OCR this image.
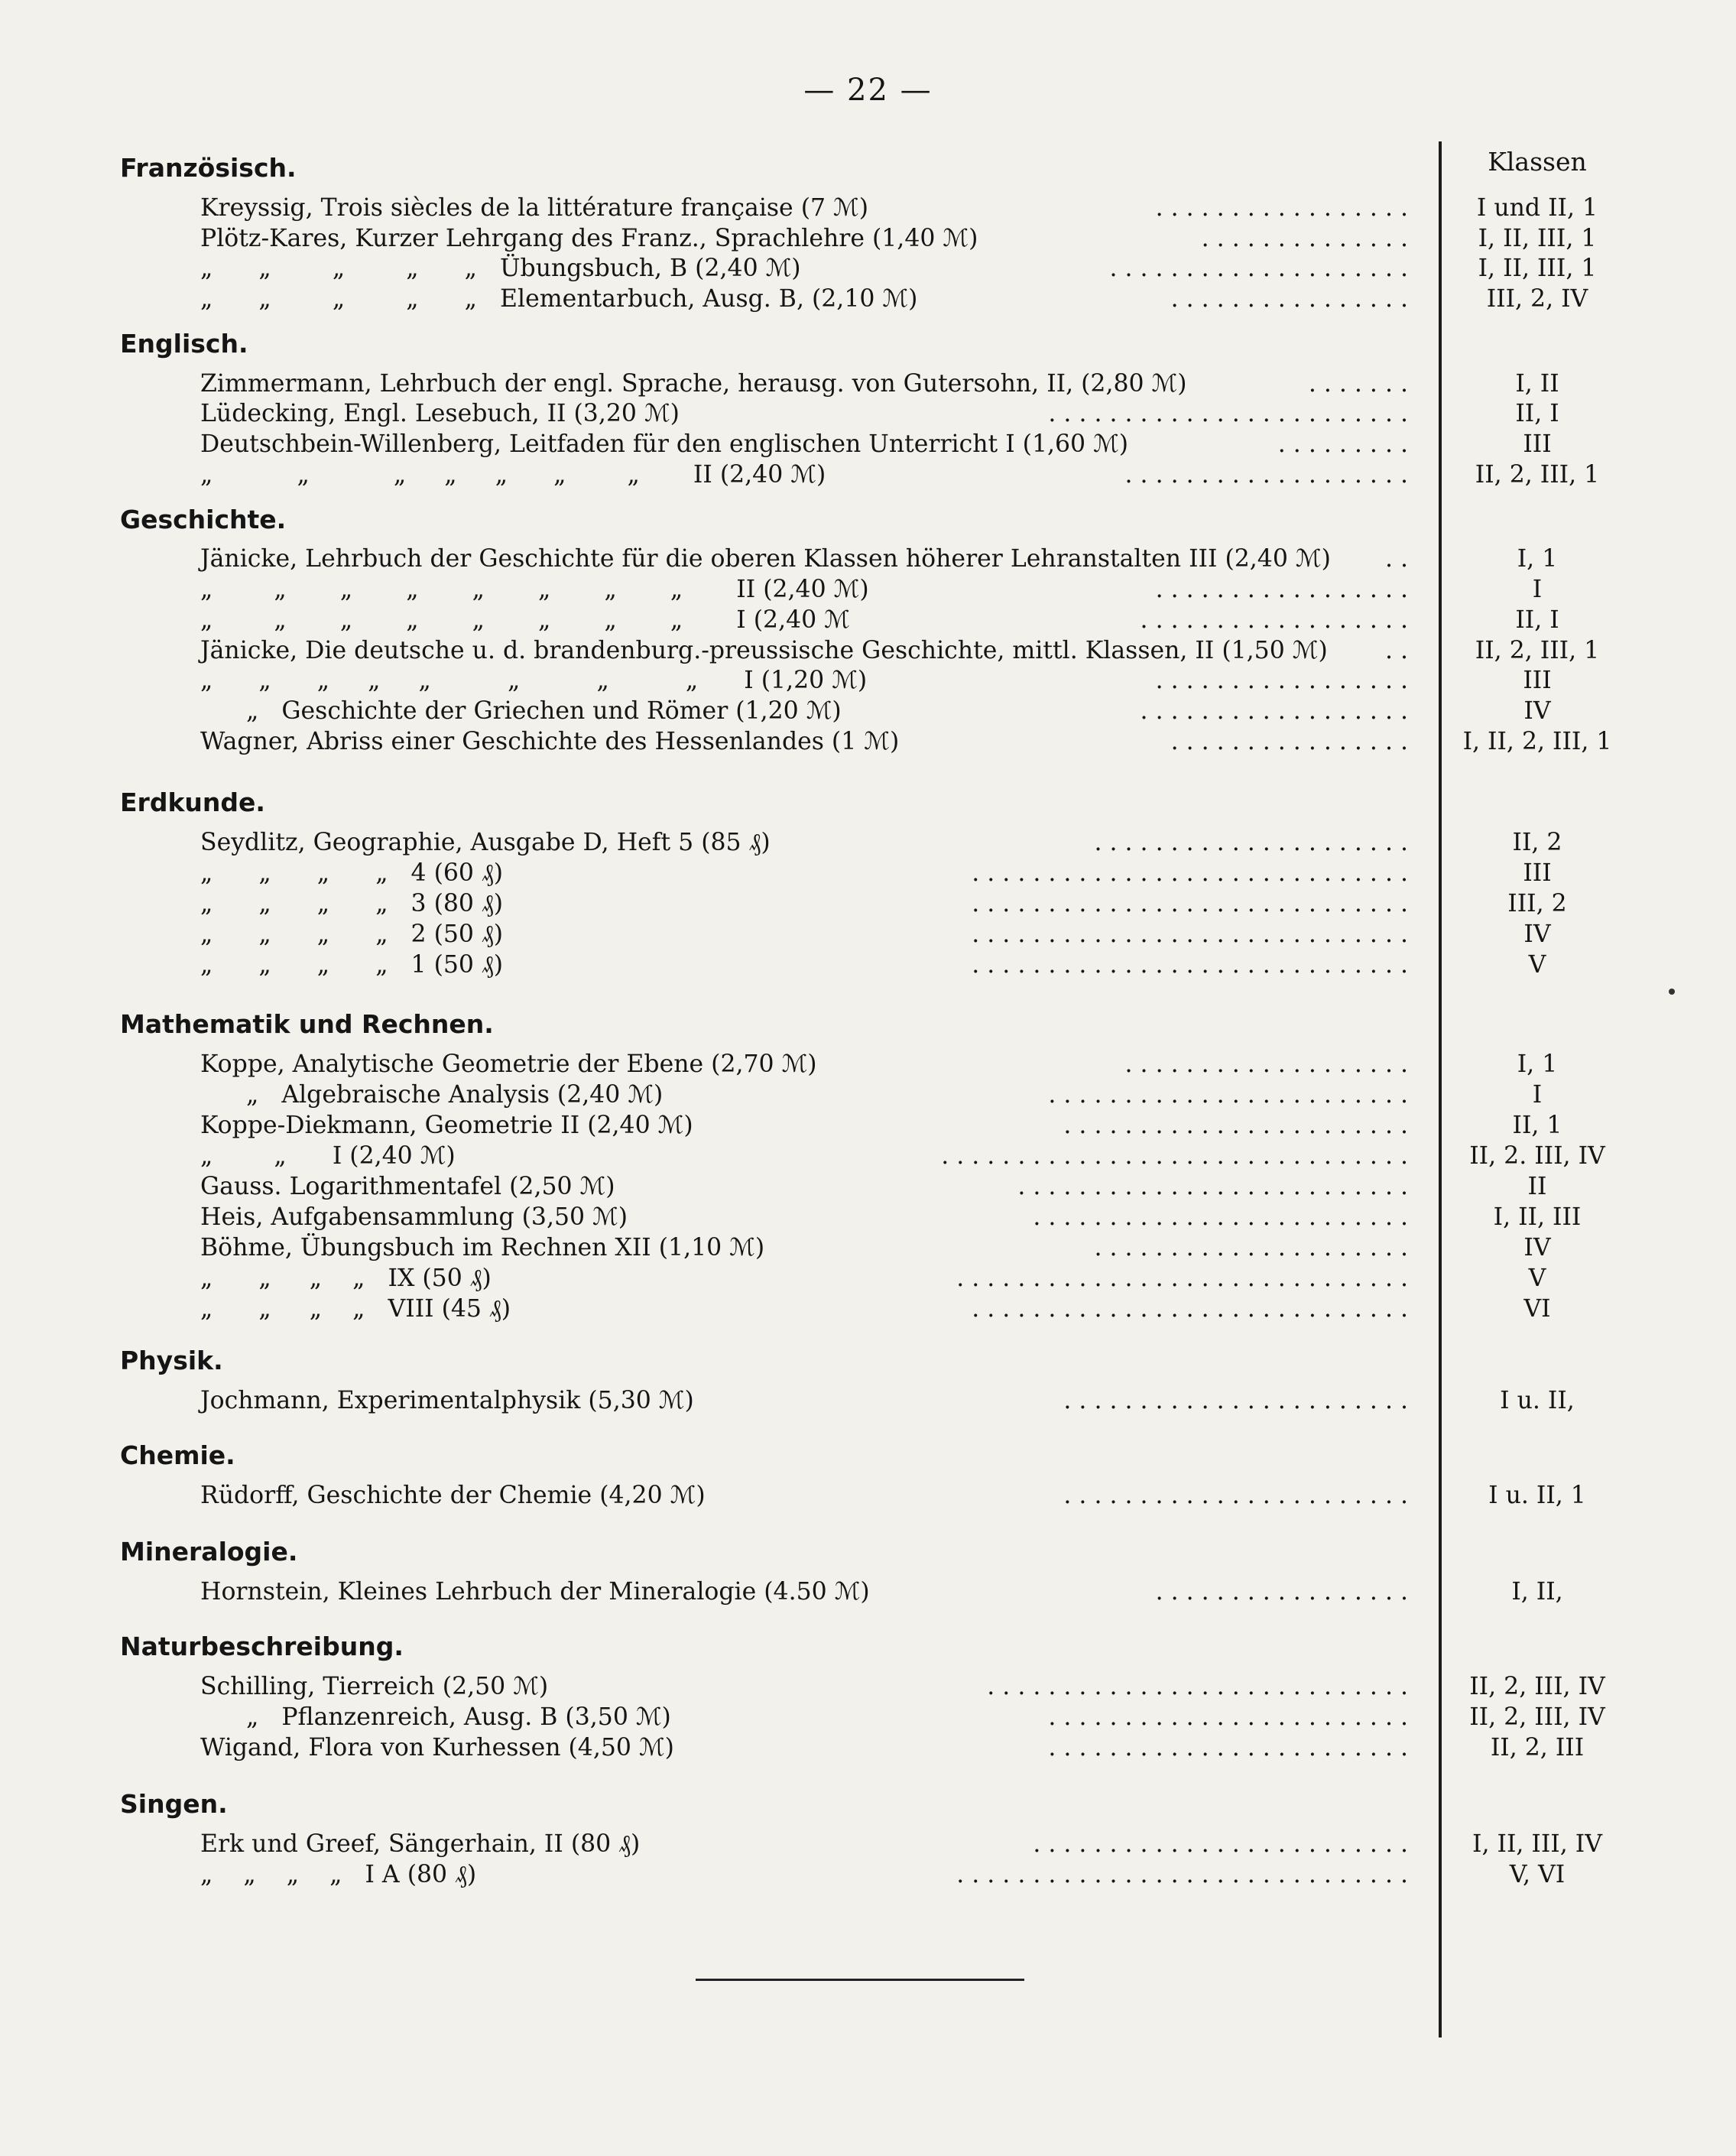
— 22 —
Klassen
Französisch.
Kreyssig, Trois siècles de la littérature française (7 ℳ)	. . . . . . . . . . . . . . . . .	I und II, 1
Plötz-Kares, Kurzer Lehrgang des Franz., Sprachlehre (1,40 ℳ)	. . . . . . . . . . . . . .	I, II, III, 1
„      „        „        „      „   Übungsbuch, B (2,40 ℳ)	. . . . . . . . . . . . . . . . . . . .	I, II, III, 1
„      „        „        „      „   Elementarbuch, Ausg. B, (2,10 ℳ)	. . . . . . . . . . . . . . . .	III, 2, IV
Englisch.
Zimmermann, Lehrbuch der engl. Sprache, herausg. von Gutersohn, II, (2,80 ℳ)	. . . . . . .	I, II
Lüdecking, Engl. Lesebuch, II (3,20 ℳ)	. . . . . . . . . . . . . . . . . . . . . . . .	II, I
Deutschbein-Willenberg, Leitfaden für den englischen Unterricht I (1,60 ℳ)	. . . . . . . . .	III
„           „           „     „     „      „        „       II (2,40 ℳ)	. . . . . . . . . . . . . . . . . . .	II, 2, III, 1
Geschichte.
Jänicke, Lehrbuch der Geschichte für die oberen Klassen höherer Lehranstalten III (2,40 ℳ)	. .	I, 1
„        „       „       „       „       „       „       „       II (2,40 ℳ)	. . . . . . . . . . . . . . . . .	I
„        „       „       „       „       „       „       „       I (2,40 ℳ	. . . . . . . . . . . . . . . . . .	II, I
Jänicke, Die deutsche u. d. brandenburg.-preussische Geschichte, mittl. Klassen, II (1,50 ℳ)	. .	II, 2, III, 1
„      „      „     „     „          „          „          „      I (1,20 ℳ)	. . . . . . . . . . . . . . . . .	III
„   Geschichte der Griechen und Römer (1,20 ℳ)	. . . . . . . . . . . . . . . . . .	IV
Wagner, Abriss einer Geschichte des Hessenlandes (1 ℳ)	. . . . . . . . . . . . . . . .	I, II, 2, III, 1
Erdkunde.
Seydlitz, Geographie, Ausgabe D, Heft 5 (85 ₰)	. . . . . . . . . . . . . . . . . . . . .	II, 2
„      „      „      „   4 (60 ₰)	. . . . . . . . . . . . . . . . . . . . . . . . . . . . .	III
„      „      „      „   3 (80 ₰)	. . . . . . . . . . . . . . . . . . . . . . . . . . . . .	III, 2
„      „      „      „   2 (50 ₰)	. . . . . . . . . . . . . . . . . . . . . . . . . . . . .	IV
„      „      „      „   1 (50 ₰)	. . . . . . . . . . . . . . . . . . . . . . . . . . . . .	V
Mathematik und Rechnen.
Koppe, Analytische Geometrie der Ebene (2,70 ℳ)	. . . . . . . . . . . . . . . . . . .	I, 1
„   Algebraische Analysis (2,40 ℳ)	. . . . . . . . . . . . . . . . . . . . . . . .	I
Koppe-Diekmann, Geometrie II (2,40 ℳ)	. . . . . . . . . . . . . . . . . . . . . . .	II, 1
„        „      I (2,40 ℳ)	. . . . . . . . . . . . . . . . . . . . . . . . . . . . . . .	II, 2. III, IV
Gauss. Logarithmentafel (2,50 ℳ)	. . . . . . . . . . . . . . . . . . . . . . . . . .	II
Heis, Aufgabensammlung (3,50 ℳ)	. . . . . . . . . . . . . . . . . . . . . . . . .	I, II, III
Böhme, Übungsbuch im Rechnen XII (1,10 ℳ)	. . . . . . . . . . . . . . . . . . . . .	IV
„      „     „    „   IX (50 ₰)	. . . . . . . . . . . . . . . . . . . . . . . . . . . . . .	V
„      „     „    „   VIII (45 ₰)	. . . . . . . . . . . . . . . . . . . . . . . . . . . . .	VI
Physik.
Jochmann, Experimentalphysik (5,30 ℳ)	. . . . . . . . . . . . . . . . . . . . . . .	I u. II,
Chemie.
Rüdorff, Geschichte der Chemie (4,20 ℳ)	. . . . . . . . . . . . . . . . . . . . . . .	I u. II, 1
Mineralogie.
Hornstein, Kleines Lehrbuch der Mineralogie (4.50 ℳ)	. . . . . . . . . . . . . . . . .	I, II,
Naturbeschreibung.
Schilling, Tierreich (2,50 ℳ)	. . . . . . . . . . . . . . . . . . . . . . . . . . . .	II, 2, III, IV
„   Pflanzenreich, Ausg. B (3,50 ℳ)	. . . . . . . . . . . . . . . . . . . . . . . .	II, 2, III, IV
Wigand, Flora von Kurhessen (4,50 ℳ)	. . . . . . . . . . . . . . . . . . . . . . . .	II, 2, III
Singen.
Erk und Greef, Sängerhain, II (80 ₰)	. . . . . . . . . . . . . . . . . . . . . . . . .	I, II, III, IV
„    „    „    „   I A (80 ₰)	. . . . . . . . . . . . . . . . . . . . . . . . . . . . . .	V, VI
